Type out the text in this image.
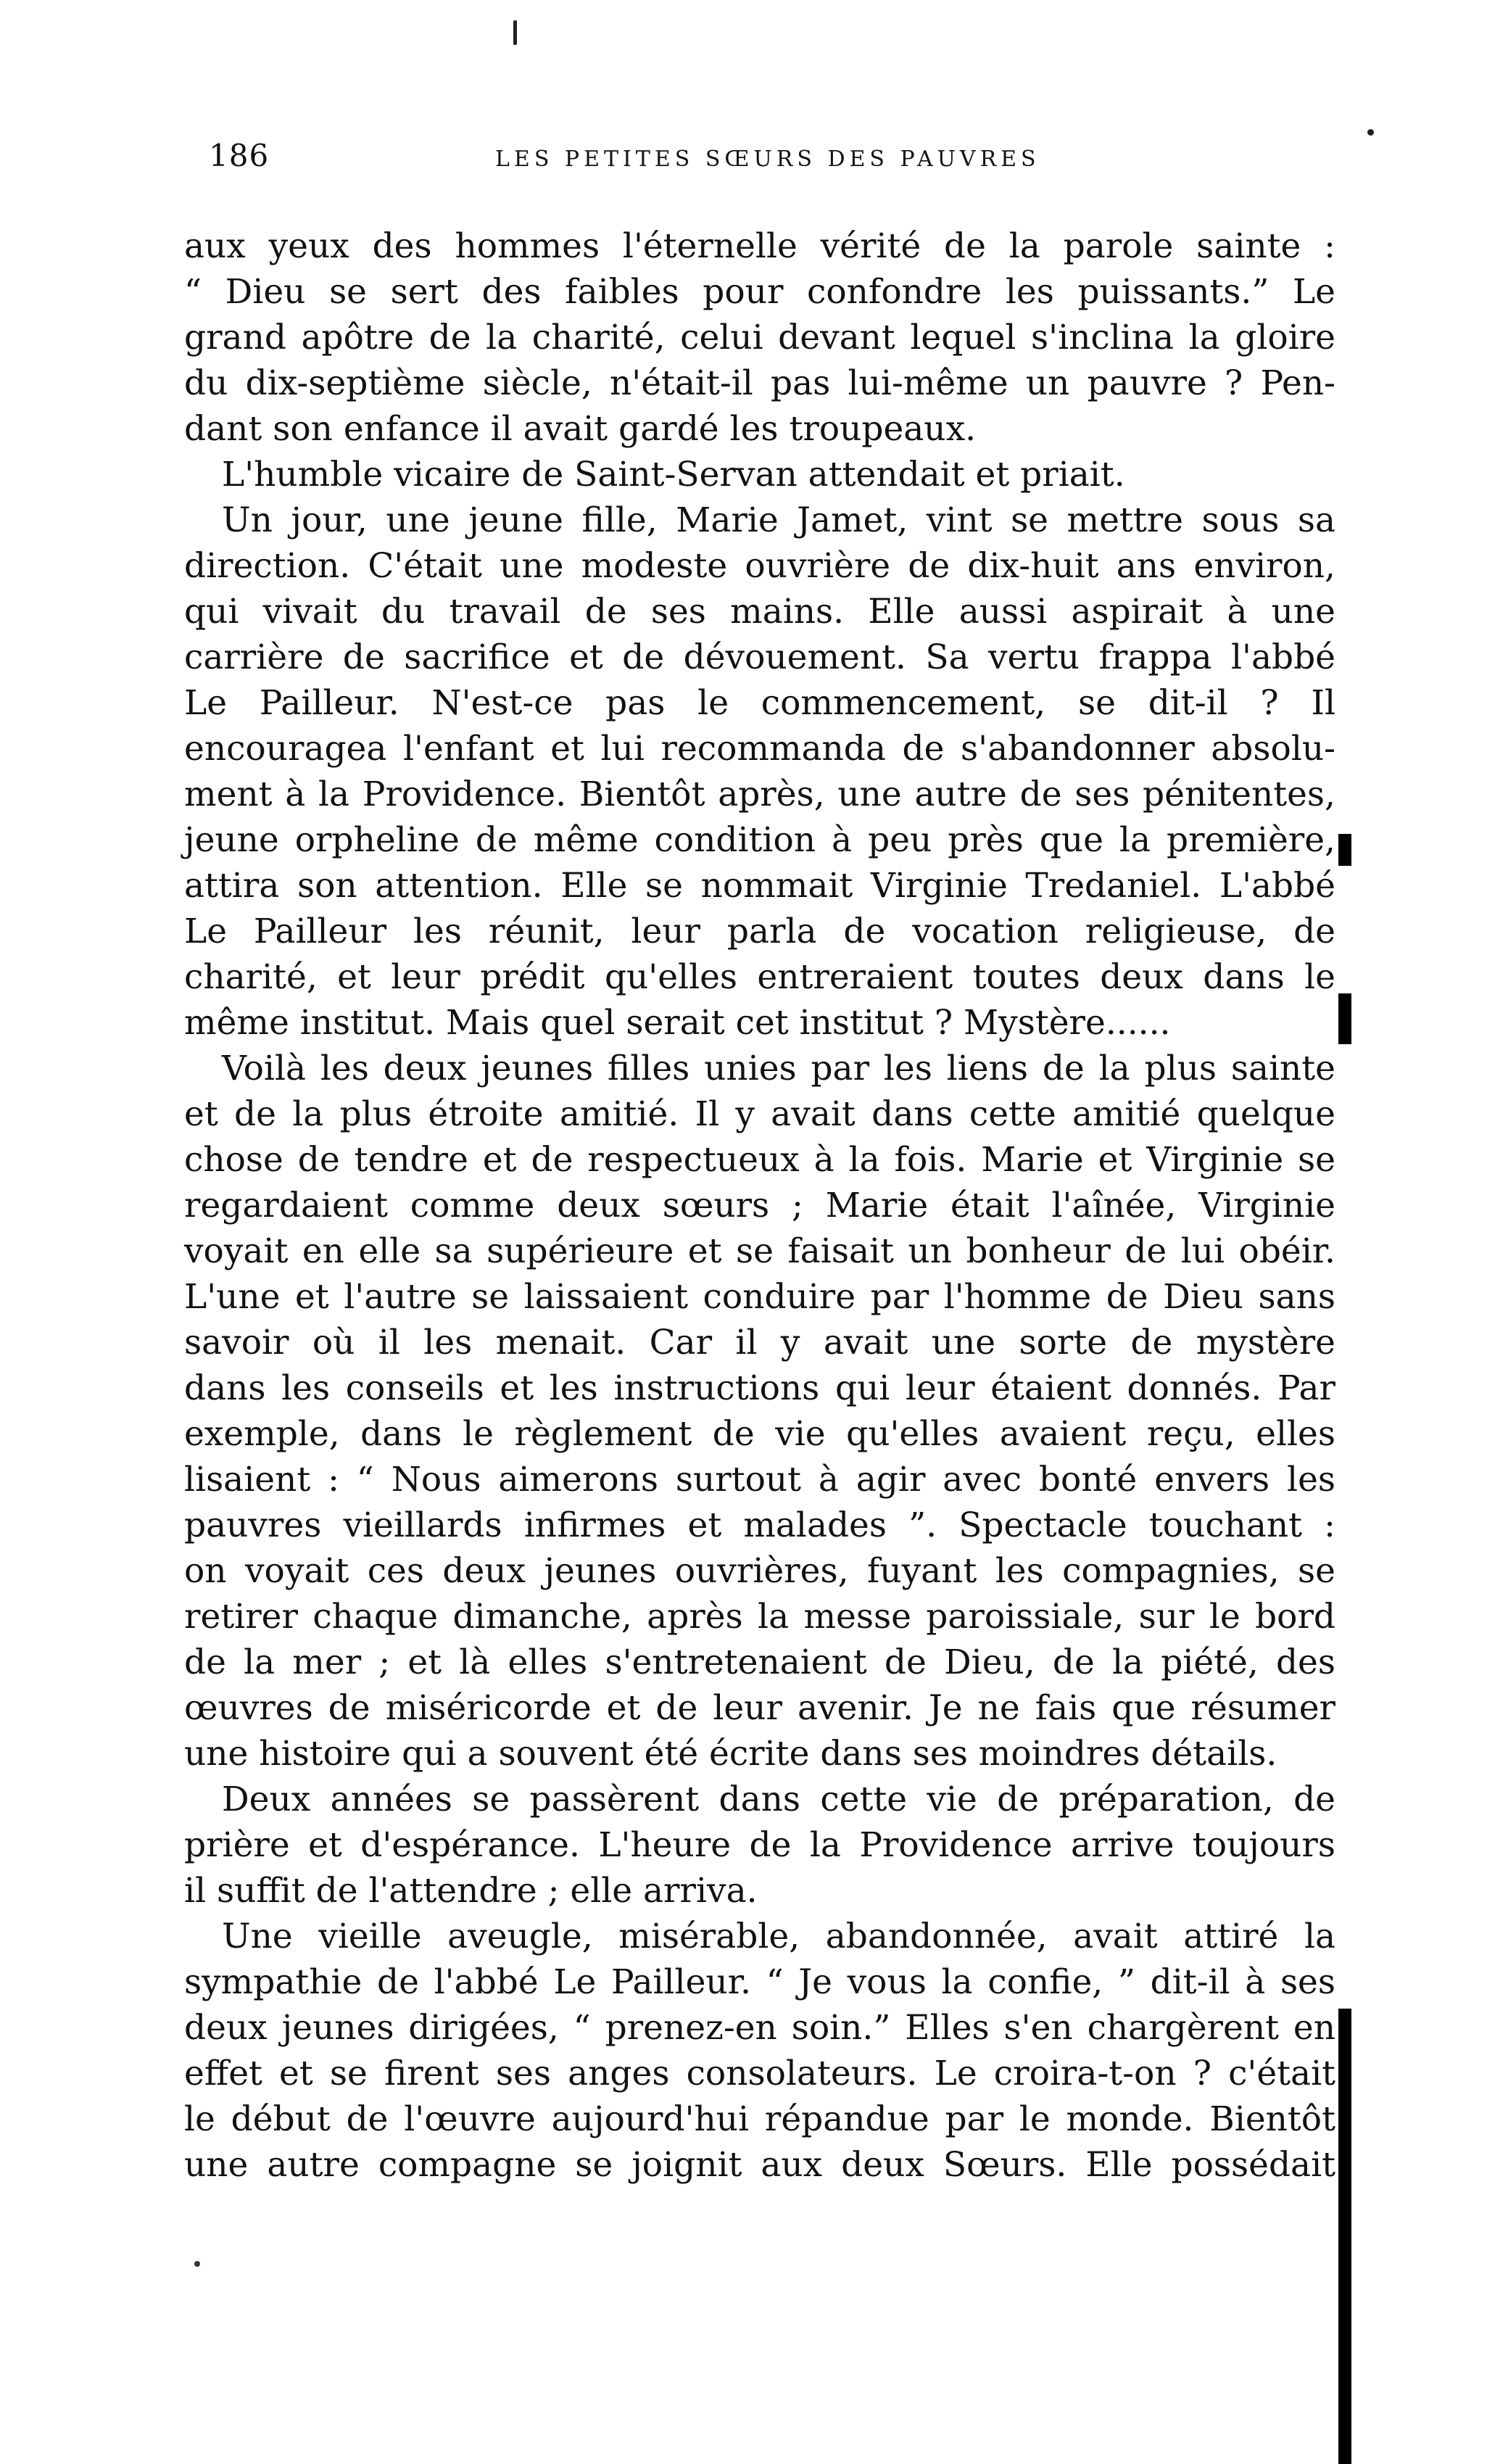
186	LES PETITES SŒURS DES PAUVRES
aux yeux des hommes l'éternelle vérité de la parole sainte :
“ Dieu se sert des faibles pour confondre les puissants.” Le
grand apôtre de la charité, celui devant lequel s'inclina la gloire
du dix-septième siècle, n'était-il pas lui-même un pauvre ? Pen-
dant son enfance il avait gardé les troupeaux.
L'humble vicaire de Saint-Servan attendait et priait.
Un jour, une jeune fille, Marie Jamet, vint se mettre sous sa
direction. C'était une modeste ouvrière de dix-huit ans environ,
qui vivait du travail de ses mains. Elle aussi aspirait à une
carrière de sacrifice et de dévouement. Sa vertu frappa l'abbé
Le Pailleur. N'est-ce pas le commencement, se dit-il ? Il
encouragea l'enfant et lui recommanda de s'abandonner absolu-
ment à la Providence. Bientôt après, une autre de ses pénitentes,
jeune orpheline de même condition à peu près que la première,
attira son attention. Elle se nommait Virginie Tredaniel. L'abbé
Le Pailleur les réunit, leur parla de vocation religieuse, de
charité, et leur prédit qu'elles entreraient toutes deux dans le
même institut. Mais quel serait cet institut ? Mystère......
Voilà les deux jeunes filles unies par les liens de la plus sainte
et de la plus étroite amitié. Il y avait dans cette amitié quelque
chose de tendre et de respectueux à la fois. Marie et Virginie se
regardaient comme deux sœurs ; Marie était l'aînée, Virginie
voyait en elle sa supérieure et se faisait un bonheur de lui obéir.
L'une et l'autre se laissaient conduire par l'homme de Dieu sans
savoir où il les menait. Car il y avait une sorte de mystère
dans les conseils et les instructions qui leur étaient donnés. Par
exemple, dans le règlement de vie qu'elles avaient reçu, elles
lisaient : “ Nous aimerons surtout à agir avec bonté envers les
pauvres vieillards infirmes et malades ”. Spectacle touchant :
on voyait ces deux jeunes ouvrières, fuyant les compagnies, se
retirer chaque dimanche, après la messe paroissiale, sur le bord
de la mer ; et là elles s'entretenaient de Dieu, de la piété, des
œuvres de miséricorde et de leur avenir. Je ne fais que résumer
une histoire qui a souvent été écrite dans ses moindres détails.
Deux années se passèrent dans cette vie de préparation, de
prière et d'espérance. L'heure de la Providence arrive toujours
il suffit de l'attendre ; elle arriva.
Une vieille aveugle, misérable, abandonnée, avait attiré la
sympathie de l'abbé Le Pailleur. “ Je vous la confie, ” dit-il à ses
deux jeunes dirigées, “ prenez-en soin.” Elles s'en chargèrent en
effet et se firent ses anges consolateurs. Le croira-t-on ? c'était
le début de l'œuvre aujourd'hui répandue par le monde. Bientôt
une autre compagne se joignit aux deux Sœurs. Elle possédait
